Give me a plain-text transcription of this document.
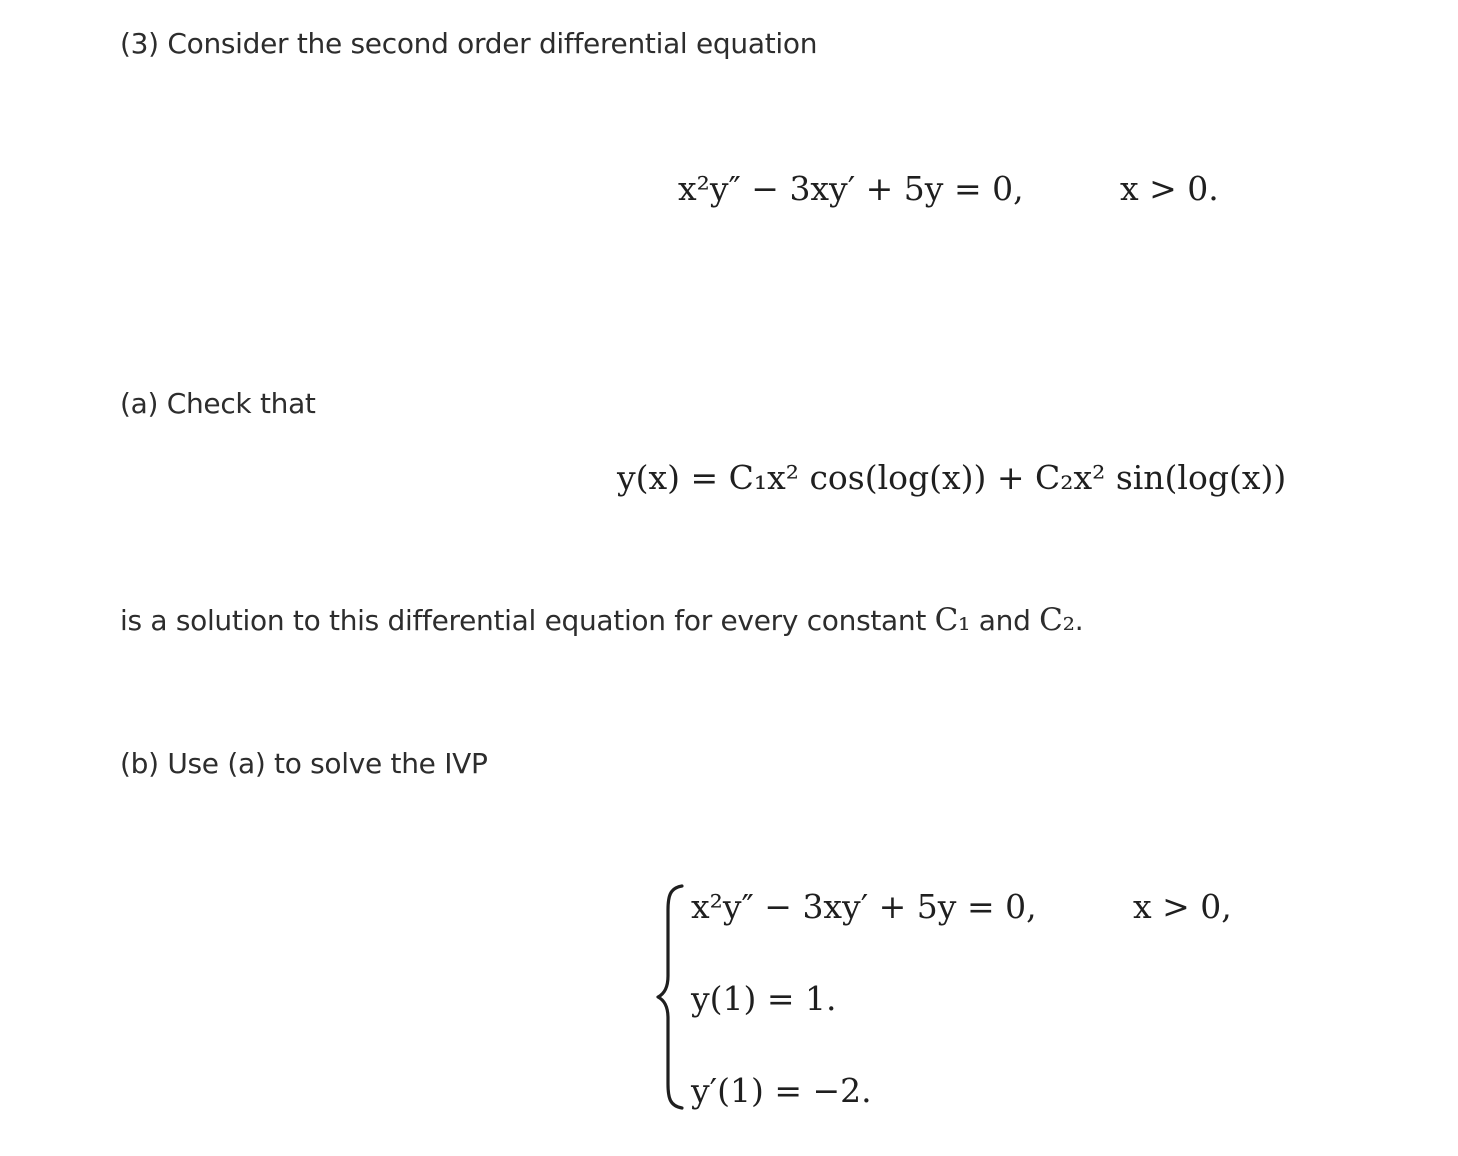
(3) Consider the second order differential equation
x²y″ − 3xy′ + 5y = 0,	x > 0.
(a) Check that
y(x) = C₁x² cos(log(x)) + C₂x² sin(log(x))
is a solution to this differential equation for every constant C₁ and C₂.
(b) Use (a) to solve the IVP
x²y″ − 3xy′ + 5y = 0,	x > 0,
y(1) = 1.
y′(1) = −2.
